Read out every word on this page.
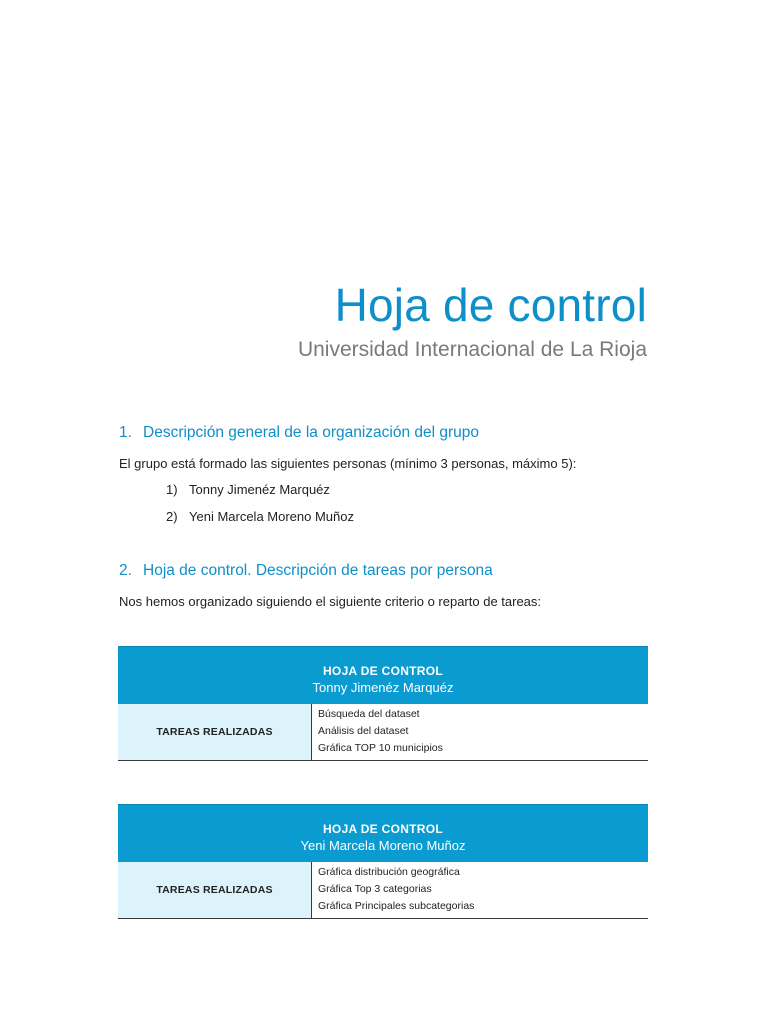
Hoja de control
Universidad Internacional de La Rioja
1. Descripción general de la organización del grupo
El grupo está formado las siguientes personas (mínimo 3 personas, máximo 5):
1) Tonny Jimenéz Marquéz
2) Yeni Marcela Moreno Muñoz
2. Hoja de control. Descripción de tareas por persona
Nos hemos organizado siguiendo el siguiente criterio o reparto de tareas:
HOJA DE CONTROL
Tonny Jimenéz Marquéz
TAREAS REALIZADAS
Búsqueda del dataset
Análisis del dataset
Gráfica TOP 10 municipios
HOJA DE CONTROL
Yeni Marcela Moreno Muñoz
TAREAS REALIZADAS
Gráfica distribución geográfica
Gráfica Top 3 categorias
Gráfica Principales subcategorias
